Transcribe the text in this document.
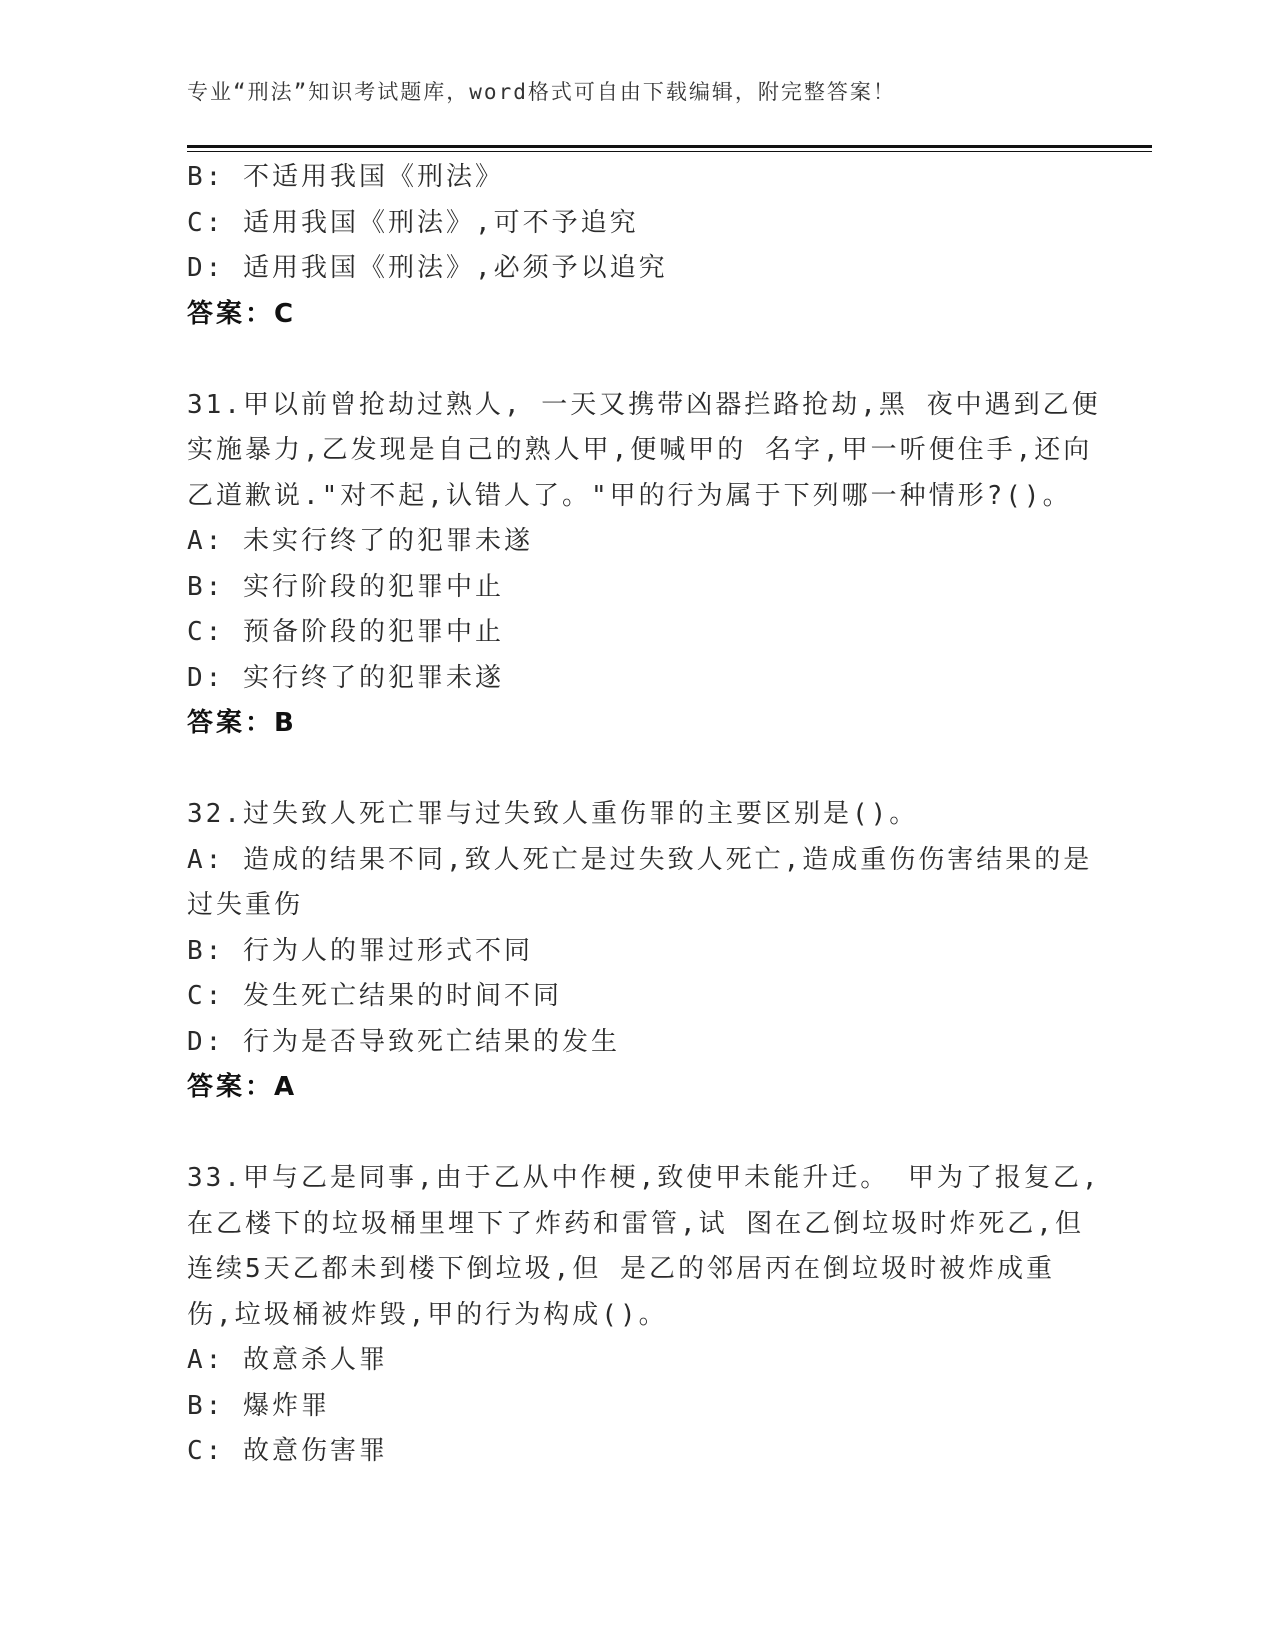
专业“刑法”知识考试题库，word格式可自由下载编辑，附完整答案！
B: 不适用我国《刑法》
C: 适用我国《刑法》,可不予追究
D: 适用我国《刑法》,必须予以追究
答案：C
31.甲以前曾抢劫过熟人, 一天又携带凶器拦路抢劫,黑 夜中遇到乙便
实施暴力,乙发现是自己的熟人甲,便喊甲的 名字,甲一听便住手,还向
乙道歉说."对不起,认错人了。"甲的行为属于下列哪一种情形?()。
A: 未实行终了的犯罪未遂
B: 实行阶段的犯罪中止
C: 预备阶段的犯罪中止
D: 实行终了的犯罪未遂
答案：B
32.过失致人死亡罪与过失致人重伤罪的主要区别是()。
A: 造成的结果不同,致人死亡是过失致人死亡,造成重伤伤害结果的是
过失重伤
B: 行为人的罪过形式不同
C: 发生死亡结果的时间不同
D: 行为是否导致死亡结果的发生
答案：A
33.甲与乙是同事,由于乙从中作梗,致使甲未能升迁。 甲为了报复乙,
在乙楼下的垃圾桶里埋下了炸药和雷管,试 图在乙倒垃圾时炸死乙,但
连续5天乙都未到楼下倒垃圾,但 是乙的邻居丙在倒垃圾时被炸成重
伤,垃圾桶被炸毁,甲的行为构成()。
A: 故意杀人罪
B: 爆炸罪
C: 故意伤害罪
